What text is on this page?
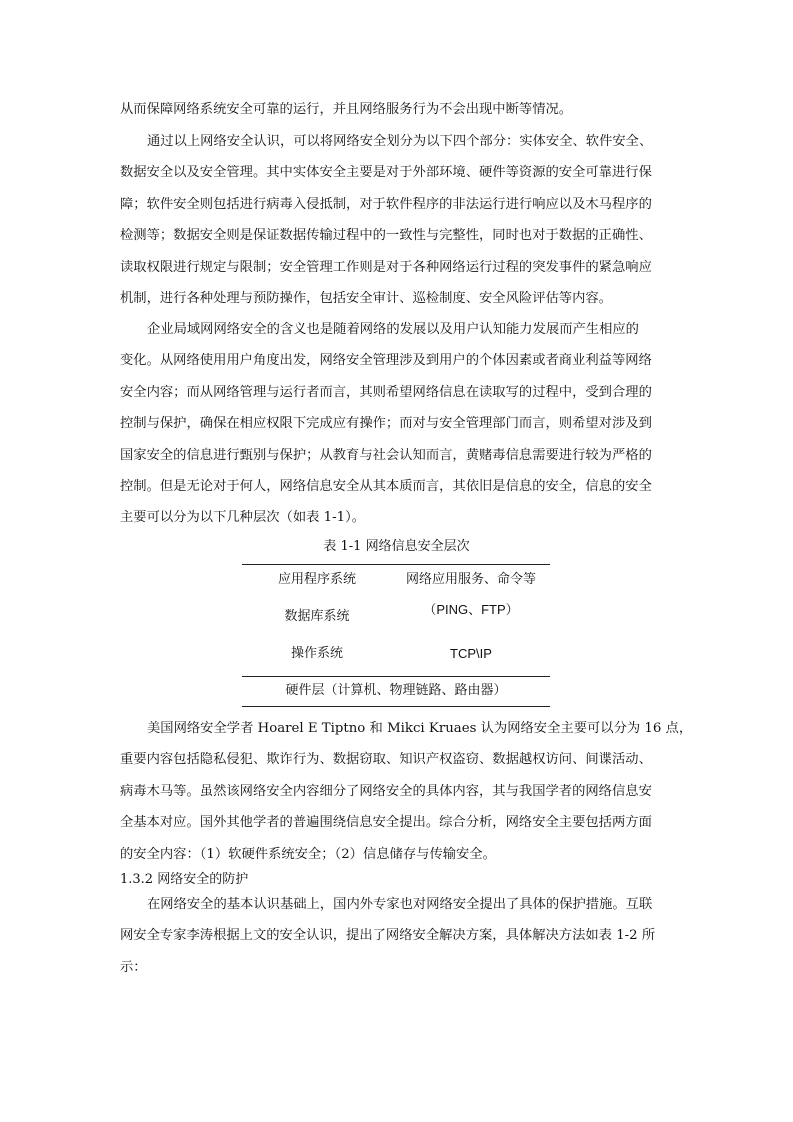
从而保障网络系统安全可靠的运行，并且网络服务行为不会出现中断等情况。

通过以上网络安全认识，可以将网络安全划分为以下四个部分：实体安全、软件安全、
数据安全以及安全管理。其中实体安全主要是对于外部环境、硬件等资源的安全可靠进行保
障；软件安全则包括进行病毒入侵抵制，对于软件程序的非法运行进行响应以及木马程序的
检测等；数据安全则是保证数据传输过程中的一致性与完整性，同时也对于数据的正确性、
读取权限进行规定与限制；安全管理工作则是对于各种网络运行过程的突发事件的紧急响应
机制，进行各种处理与预防操作，包括安全审计、巡检制度、安全风险评估等内容。

企业局域网网络安全的含义也是随着网络的发展以及用户认知能力发展而产生相应的
变化。从网络使用用户角度出发，网络安全管理涉及到用户的个体因素或者商业利益等网络
安全内容；而从网络管理与运行者而言，其则希望网络信息在读取写的过程中，受到合理的
控制与保护，确保在相应权限下完成应有操作；而对与安全管理部门而言，则希望对涉及到
国家安全的信息进行甄别与保护；从教育与社会认知而言，黄赌毒信息需要进行较为严格的
控制。但是无论对于何人，网络信息安全从其本质而言，其依旧是信息的安全，信息的安全
主要可以分为以下几种层次（如表 1-1）。

表 1-1 网络信息安全层次
应用程序系统	网络应用服务、命令等
数据库系统	（PING、FTP）
操作系统	TCP\IP
硬件层（计算机、物理链路、路由器）

美国网络安全学者 Hoarel E Tiptno 和 Mikci Kruaes 认为网络安全主要可以分为 16 点，
重要内容包括隐私侵犯、欺诈行为、数据窃取、知识产权盗窃、数据越权访问、间谍活动、
病毒木马等。虽然该网络安全内容细分了网络安全的具体内容，其与我国学者的网络信息安
全基本对应。国外其他学者的普遍围绕信息安全提出。综合分析，网络安全主要包括两方面
的安全内容：（1）软硬件系统安全；（2）信息储存与传输安全。

1.3.2 网络安全的防护

在网络安全的基本认识基础上，国内外专家也对网络安全提出了具体的保护措施。互联
网安全专家李涛根据上文的安全认识，提出了网络安全解决方案，具体解决方法如表 1-2 所
示：
